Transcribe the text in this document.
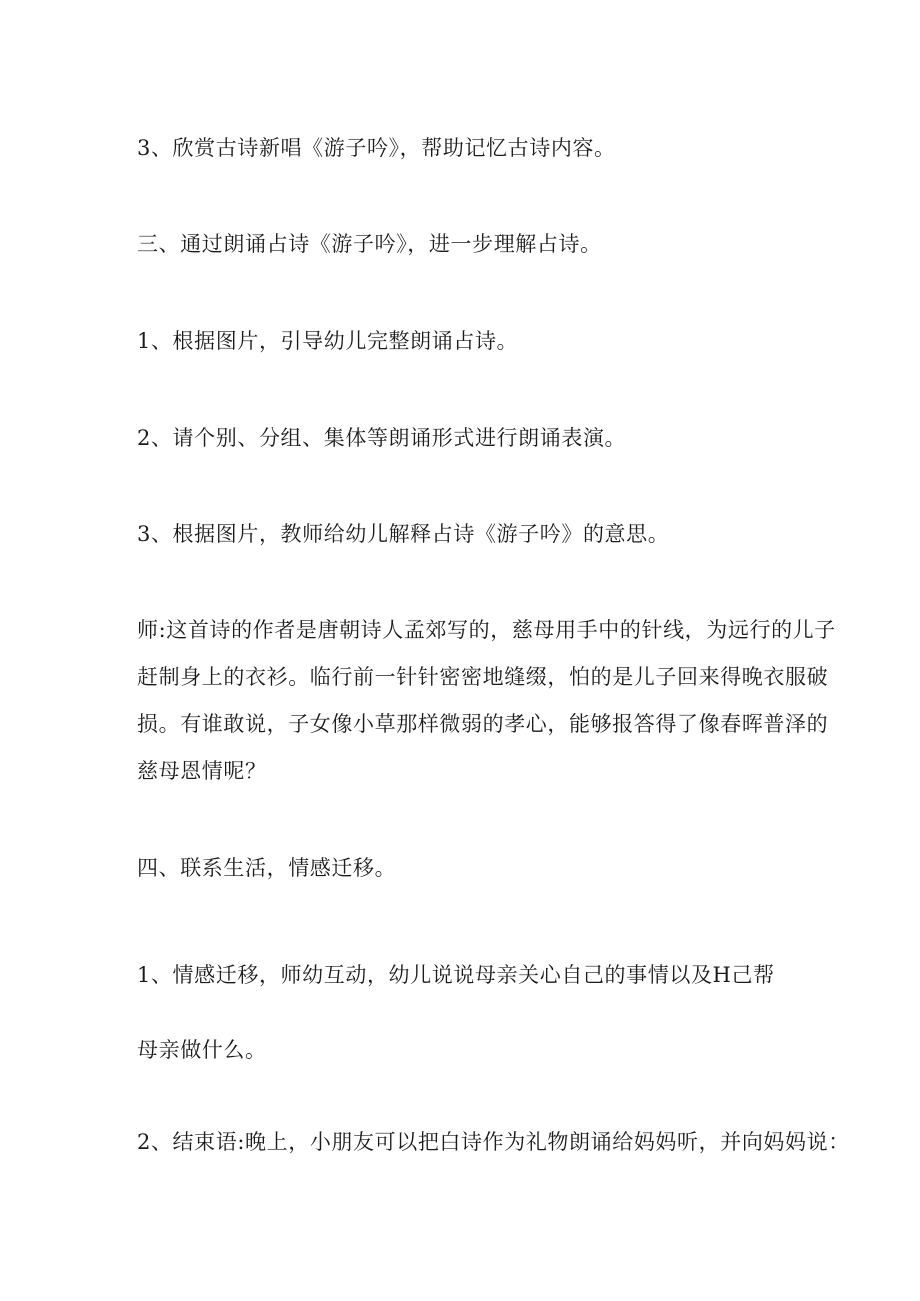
3、欣赏古诗新唱《游子吟》，帮助记忆古诗内容。
三、通过朗诵占诗《游子吟》，进一步理解占诗。
1、根据图片，引导幼儿完整朗诵占诗。
2、请个别、分组、集体等朗诵形式进行朗诵表演。
3、根据图片，教师给幼儿解释占诗《游子吟》的意思。
师:这首诗的作者是唐朝诗人孟郊写的，慈母用手中的针线，为远行的儿子
赶制身上的衣衫。临行前一针针密密地缝缀，怕的是儿子回来得晚衣服破
损。有谁敢说，子女像小草那样微弱的孝心，能够报答得了像春晖普泽的
慈母恩情呢？
四、联系生活，情感迁移。
1、情感迁移，师幼互动，幼儿说说母亲关心自己的事情以及H己帮
母亲做什么。
2、结束语:晚上，小朋友可以把白诗作为礼物朗诵给妈妈听，并向妈妈说：
